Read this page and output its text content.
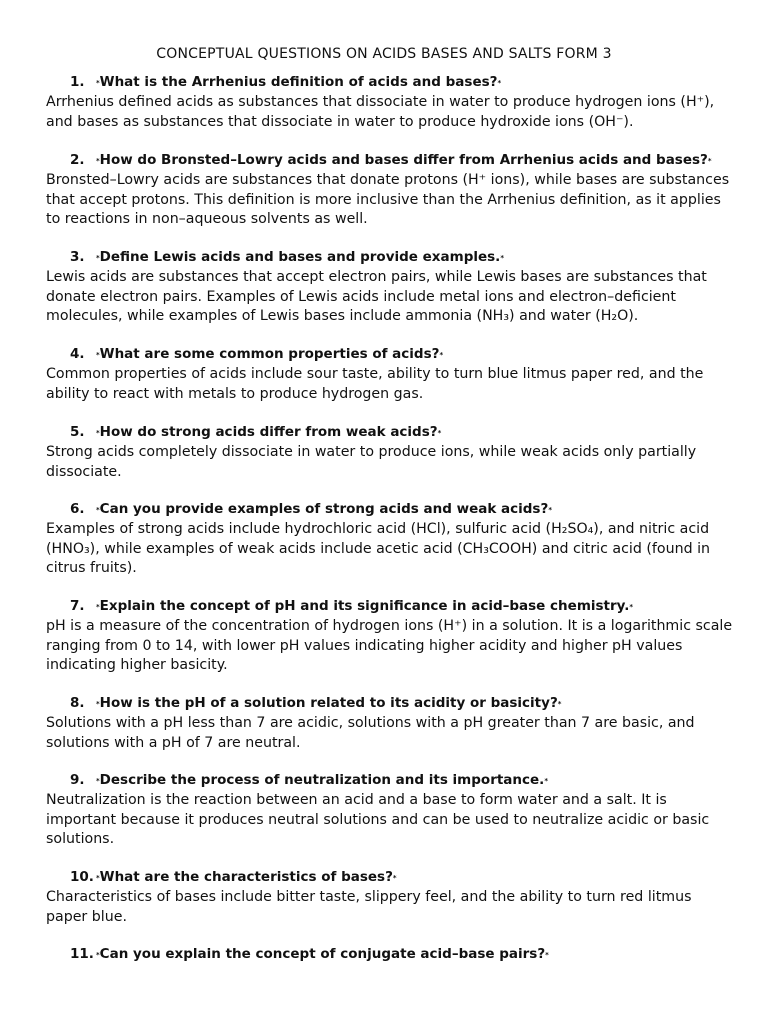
CONCEPTUAL QUESTIONS ON ACIDS BASES AND SALTS FORM 3

1. *What is the Arrhenius definition of acids and bases?*

Arrhenius defined acids as substances that dissociate in water to produce hydrogen ions (H⁺), and bases as substances that dissociate in water to produce hydroxide ions (OH⁻).

2. *How do Bronsted–Lowry acids and bases differ from Arrhenius acids and bases?*

Bronsted–Lowry acids are substances that donate protons (H⁺ ions), while bases are substances that accept protons. This definition is more inclusive than the Arrhenius definition, as it applies to reactions in non–aqueous solvents as well.

3. *Define Lewis acids and bases and provide examples.*

Lewis acids are substances that accept electron pairs, while Lewis bases are substances that donate electron pairs. Examples of Lewis acids include metal ions and electron–deficient molecules, while examples of Lewis bases include ammonia (NH₃) and water (H₂O).

4. *What are some common properties of acids?*

Common properties of acids include sour taste, ability to turn blue litmus paper red, and the ability to react with metals to produce hydrogen gas.

5. *How do strong acids differ from weak acids?*

Strong acids completely dissociate in water to produce ions, while weak acids only partially dissociate.

6. *Can you provide examples of strong acids and weak acids?*

Examples of strong acids include hydrochloric acid (HCl), sulfuric acid (H₂SO₄), and nitric acid (HNO₃), while examples of weak acids include acetic acid (CH₃COOH) and citric acid (found in citrus fruits).

7. *Explain the concept of pH and its significance in acid–base chemistry.*

pH is a measure of the concentration of hydrogen ions (H⁺) in a solution. It is a logarithmic scale ranging from 0 to 14, with lower pH values indicating higher acidity and higher pH values indicating higher basicity.

8. *How is the pH of a solution related to its acidity or basicity?*

Solutions with a pH less than 7 are acidic, solutions with a pH greater than 7 are basic, and solutions with a pH of 7 are neutral.

9. *Describe the process of neutralization and its importance.*

Neutralization is the reaction between an acid and a base to form water and a salt. It is important because it produces neutral solutions and can be used to neutralize acidic or basic solutions.

10. *What are the characteristics of bases?*

Characteristics of bases include bitter taste, slippery feel, and the ability to turn red litmus paper blue.

11. *Can you explain the concept of conjugate acid–base pairs?*
